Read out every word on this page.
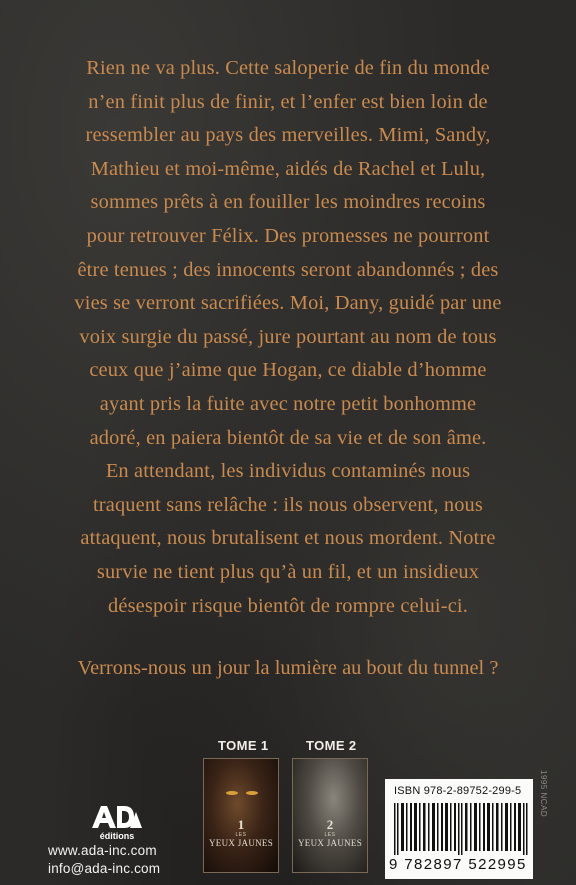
Rien ne va plus. Cette saloperie de fin du monde
n’en finit plus de finir, et l’enfer est bien loin de
ressembler au pays des merveilles. Mimi, Sandy,
Mathieu et moi-même, aidés de Rachel et Lulu,
sommes prêts à en fouiller les moindres recoins
pour retrouver Félix. Des promesses ne pourront
être tenues ; des innocents seront abandonnés ; des
vies se verront sacrifiées. Moi, Dany, guidé par une
voix surgie du passé, jure pourtant au nom de tous
ceux que j’aime que Hogan, ce diable d’homme
ayant pris la fuite avec notre petit bonhomme
adoré, en paiera bientôt de sa vie et de son âme.
En attendant, les individus contaminés nous
traquent sans relâche : ils nous observent, nous
attaquent, nous brutalisent et nous mordent. Notre
survie ne tient plus qu’à un fil, et un insidieux
désespoir risque bientôt de rompre celui-ci.
Verrons-nous un jour la lumière au bout du tunnel ?
TOME 1	TOME 2
1
LES
YEUX JAUNES
2
LES
YEUX JAUNES
éditions
www.ada-inc.com
info@ada-inc.com	9 782897 522995
ISBN 978-2-89752-299-5 1995 NCAD
